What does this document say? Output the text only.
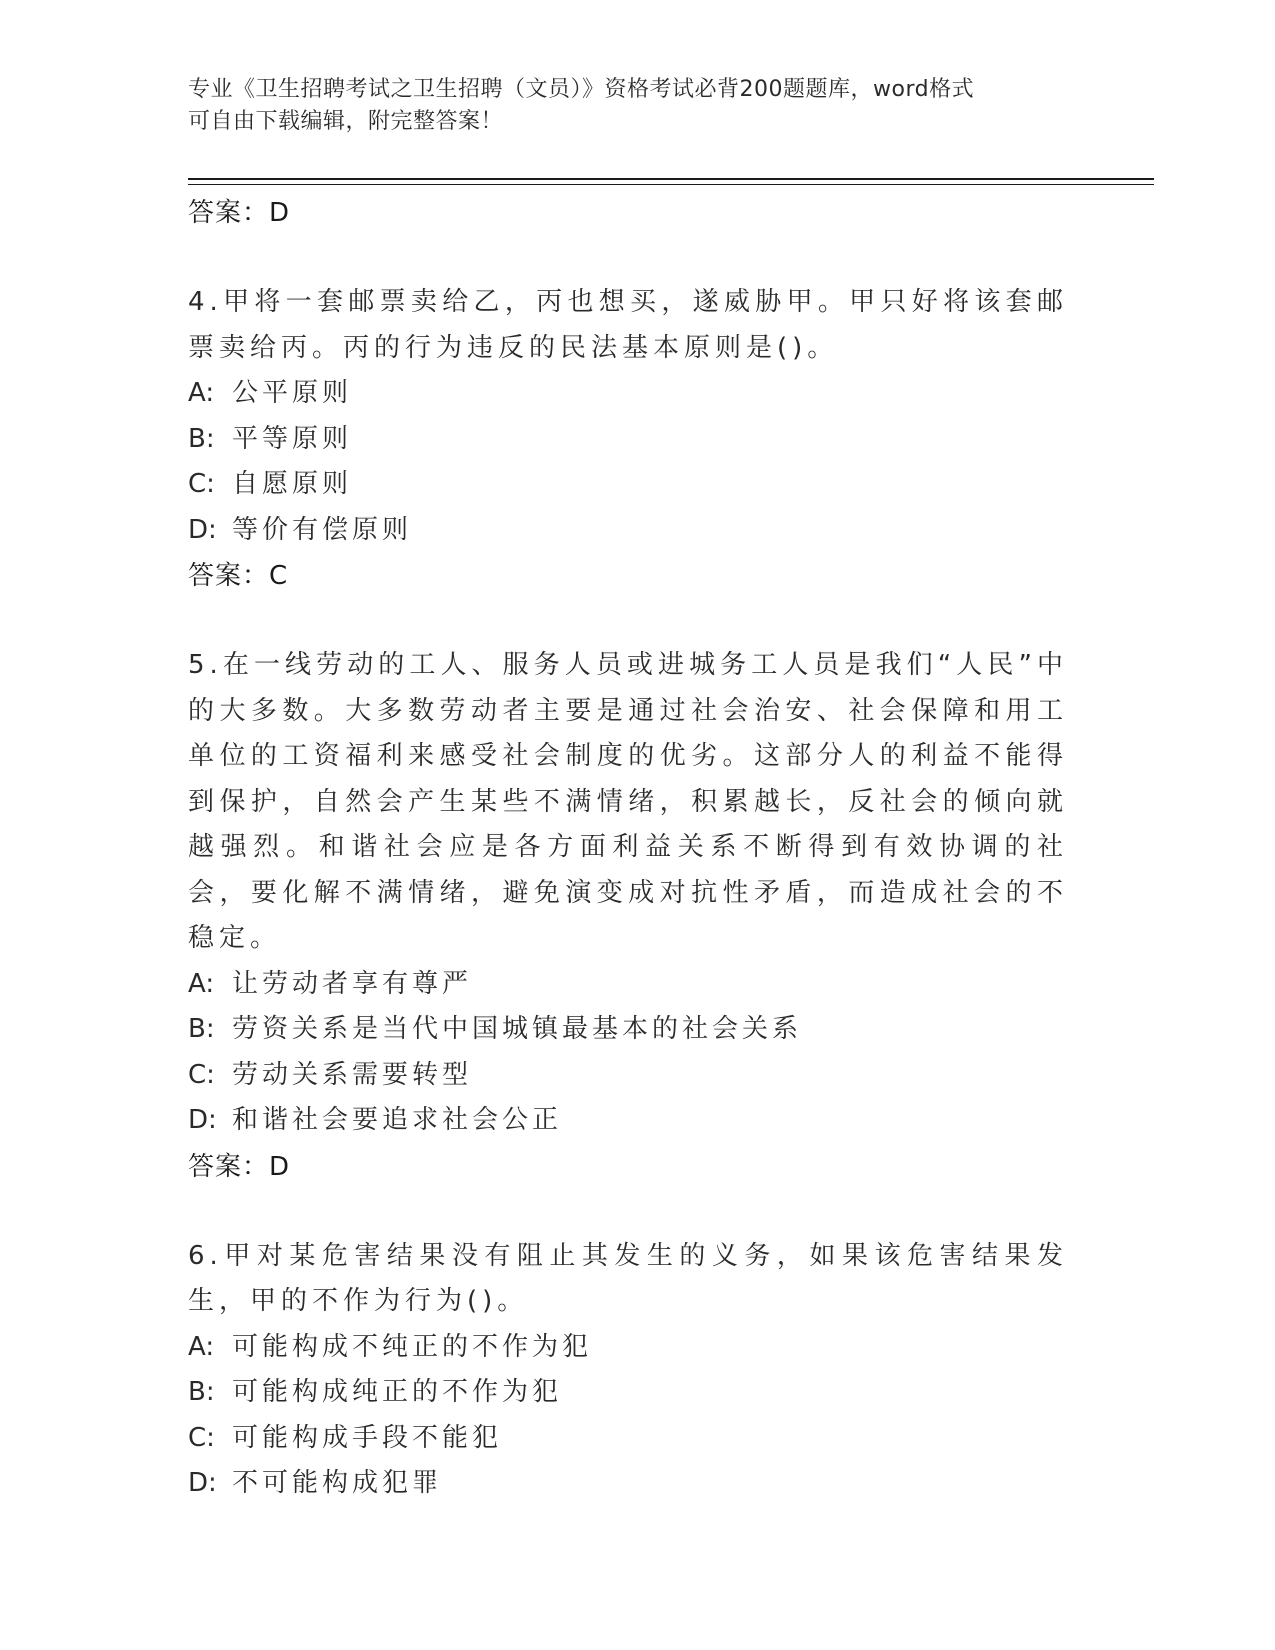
专业《卫生招聘考试之卫生招聘（文员）》资格考试必背200题题库，word格式
可自由下载编辑，附完整答案！
答案：D
4.甲将一套邮票卖给乙，丙也想买，遂威胁甲。甲只好将该套邮票卖给丙。丙的行为违反的民法基本原则是()。
A: 公平原则
B: 平等原则
C: 自愿原则
D: 等价有偿原则
答案：C
5.在一线劳动的工人、服务人员或进城务工人员是我们“人民”中的大多数。大多数劳动者主要是通过社会治安、社会保障和用工单位的工资福利来感受社会制度的优劣。这部分人的利益不能得到保护，自然会产生某些不满情绪，积累越长，反社会的倾向就越强烈。和谐社会应是各方面利益关系不断得到有效协调的社会，要化解不满情绪，避免演变成对抗性矛盾，而造成社会的不稳定。
A: 让劳动者享有尊严
B: 劳资关系是当代中国城镇最基本的社会关系
C: 劳动关系需要转型
D: 和谐社会要追求社会公正
答案：D
6.甲对某危害结果没有阻止其发生的义务，如果该危害结果发生，甲的不作为行为()。
A: 可能构成不纯正的不作为犯
B: 可能构成纯正的不作为犯
C: 可能构成手段不能犯
D: 不可能构成犯罪
